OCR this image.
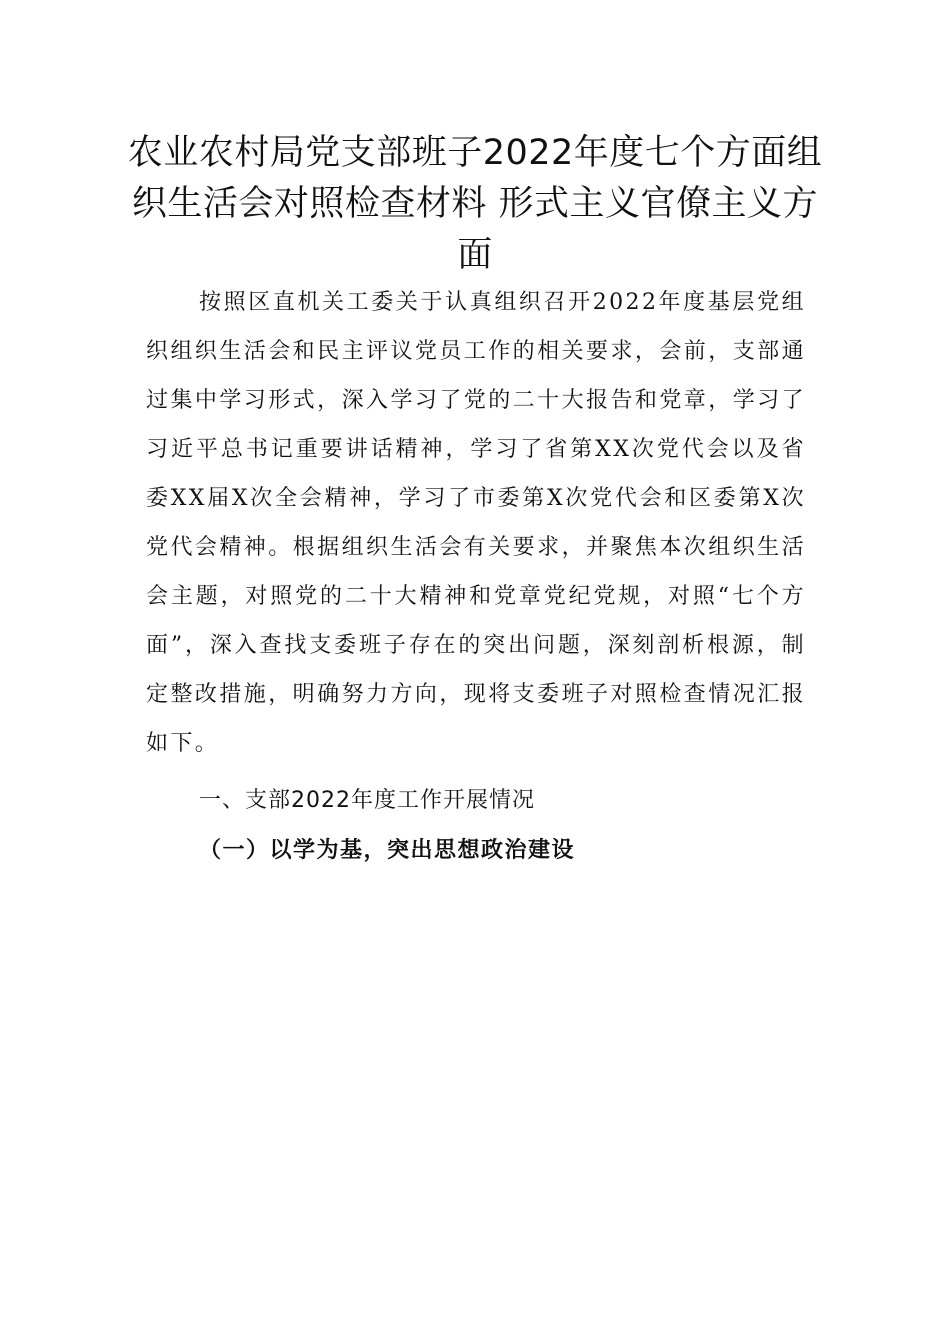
农业农村局党支部班子2022年度七个方面组织生活会对照检查材料 形式主义官僚主义方面

按照区直机关工委关于认真组织召开2022年度基层党组织组织生活会和民主评议党员工作的相关要求，会前，支部通过集中学习形式，深入学习了党的二十大报告和党章，学习了习近平总书记重要讲话精神，学习了省第XX次党代会以及省委XX届X次全会精神，学习了市委第X次党代会和区委第X次党代会精神。根据组织生活会有关要求，并聚焦本次组织生活会主题，对照党的二十大精神和党章党纪党规，对照“七个方面”，深入查找支委班子存在的突出问题，深刻剖析根源，制定整改措施，明确努力方向，现将支委班子对照检查情况汇报如下。

一、支部2022年度工作开展情况
（一）以学为基，突出思想政治建设
